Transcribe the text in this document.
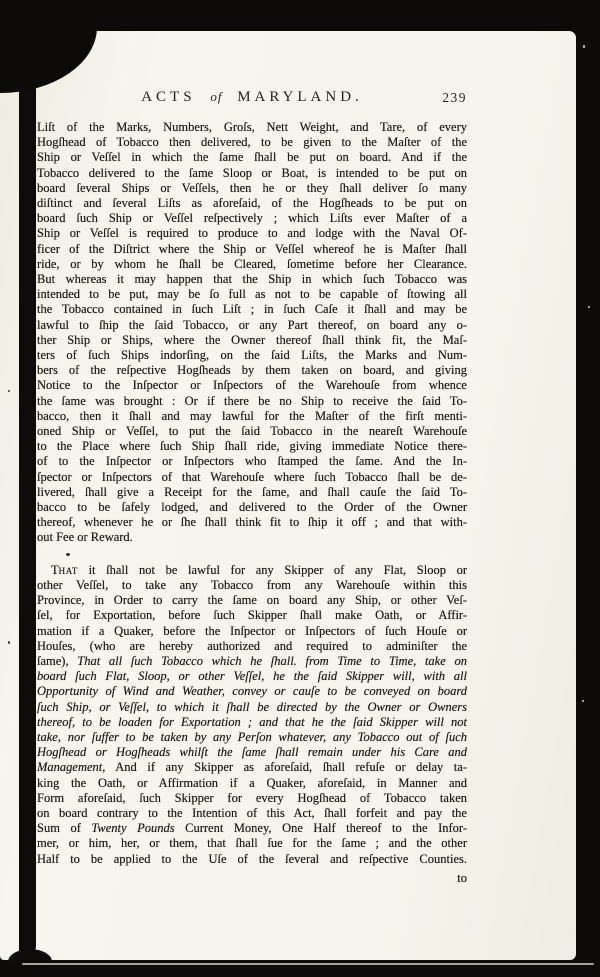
ACTS of MARYLAND.	239
Liſt of the Marks, Numbers, Groſs, Nett Weight, and Tare, of every
Hogſhead of Tobacco then delivered, to be given to the Maſter of the
Ship or Veſſel in which the ſame ſhall be put on board. And if the
Tobacco delivered to the ſame Sloop or Boat, is intended to be put on
board ſeveral Ships or Veſſels, then he or they ſhall deliver ſo many
diſtinct and ſeveral Liſts as aforeſaid, of the Hogſheads to be put on
board ſuch Ship or Veſſel reſpectively ; which Liſts ever Maſter of a
Ship or Veſſel is required to produce to and lodge with the Naval Of-
ficer of the Diſtrict where the Ship or Veſſel whereof he is Maſter ſhall
ride, or by whom he ſhall be Cleared, ſometime before her Clearance.
But whereas it may happen that the Ship in which ſuch Tobacco was
intended to be put, may be ſo full as not to be capable of ſtowing all
the Tobacco contained in ſuch Liſt ; in ſuch Caſe it ſhall and may be
lawful to ſhip the ſaid Tobacco, or any Part thereof, on board any o-
ther Ship or Ships, where the Owner thereof ſhall think fit, the Maſ-
ters of ſuch Ships indorſing, on the ſaid Liſts, the Marks and Num-
bers of the reſpective Hogſheads by them taken on board, and giving
Notice to the Inſpector or Inſpectors of the Warehouſe from whence
the ſame was brought : Or if there be no Ship to receive the ſaid To-
bacco, then it ſhall and may lawful for the Maſter of the firſt menti-
oned Ship or Veſſel, to put the ſaid Tobacco in the neareſt Warehouſe
to the Place where ſuch Ship ſhall ride, giving immediate Notice there-
of to the Inſpector or Inſpectors who ſtamped the ſame. And the In-
ſpector or Inſpectors of that Warehouſe where ſuch Tobacco ſhall be de-
livered, ſhall give a Receipt for the ſame, and ſhall cauſe the ſaid To-
bacco to be ſafely lodged, and delivered to the Order of the Owner
thereof, whenever he or ſhe ſhall think fit to ſhip it off ; and that with-
out Fee or Reward.
That it ſhall not be lawful for any Skipper of any Flat, Sloop or
other Veſſel, to take any Tobacco from any Warehouſe within this
Province, in Order to carry the ſame on board any Ship, or other Veſ-
ſel, for Exportation, before ſuch Skipper ſhall make Oath, or Affir-
mation if a Quaker, before the Inſpector or Inſpectors of ſuch Houſe or
Houſes, (who are hereby authorized and required to adminiſter the
ſame), That all ſuch Tobacco which he ſhall. from Time to Time, take on
board ſuch Flat, Sloop, or other Veſſel, he the ſaid Skipper will, with all
Opportunity of Wind and Weather, convey or cauſe to be conveyed on board
ſuch Ship, or Veſſel, to which it ſhall be directed by the Owner or Owners
thereof, to be loaden for Exportation ; and that he the ſaid Skipper will not
take, nor ſuffer to be taken by any Perſon whatever, any Tobacco out of ſuch
Hogſhead or Hogſheads whilſt the ſame ſhall remain under his Care and
Management, And if any Skipper as aforeſaid, ſhall refuſe or delay ta-
king the Oath, or Affirmation if a Quaker, aforeſaid, in Manner and
Form aforeſaid, ſuch Skipper for every Hogſhead of Tobacco taken
on board contrary to the Intention of this Act, ſhall forfeit and pay the
Sum of Twenty Pounds Current Money, One Half thereof to the Infor-
mer, or him, her, or them, that ſhall ſue for the ſame ; and the other
Half to be applied to the Uſe of the ſeveral and reſpective Counties.
to
